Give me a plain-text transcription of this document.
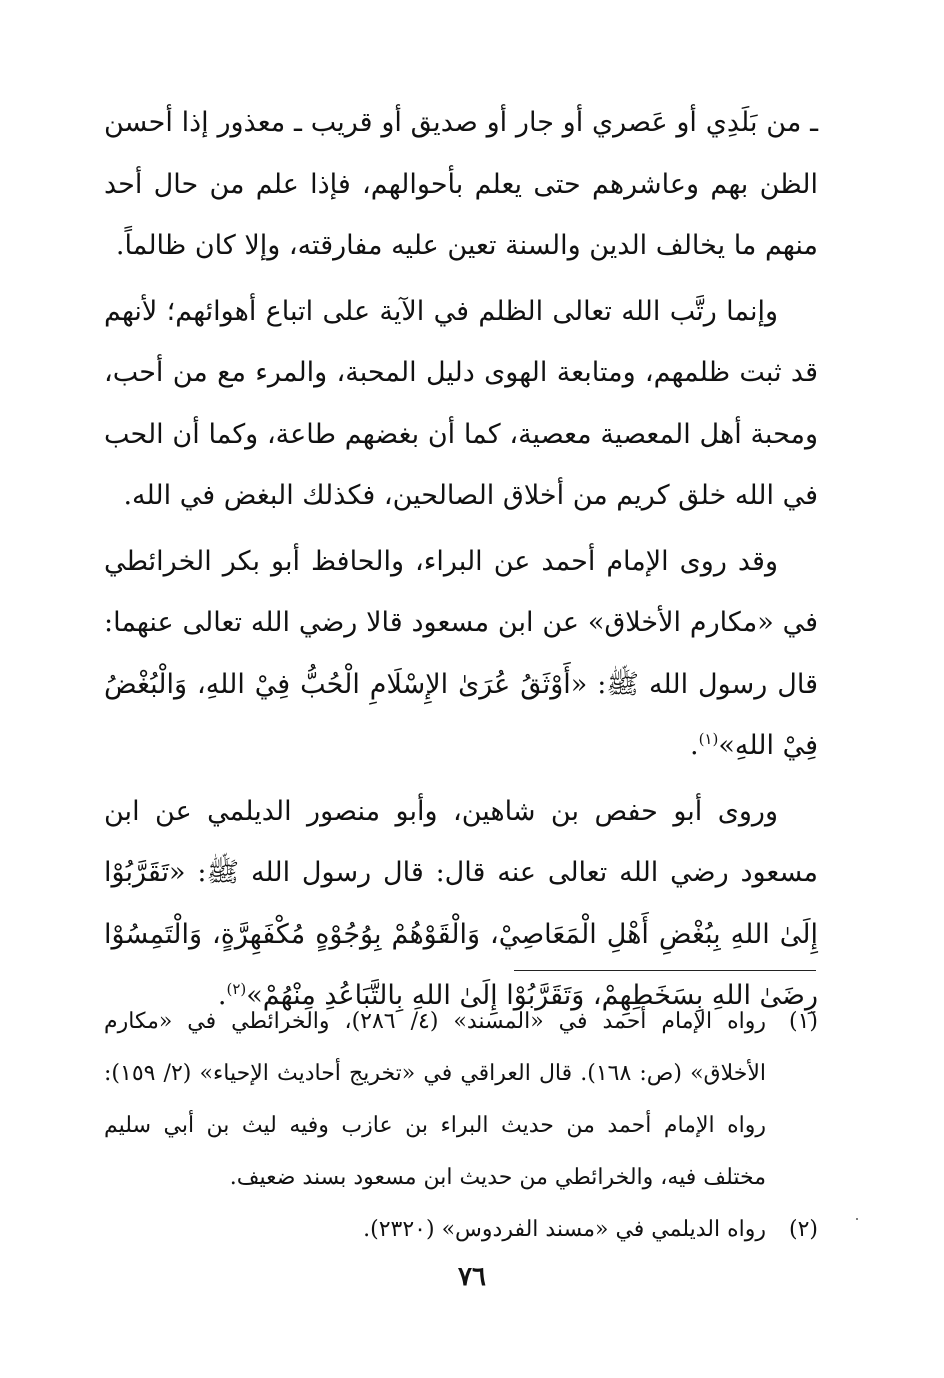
ـ من بَلَدِي أو عَصري أو جار أو صديق أو قريب ـ معذور إذا أحسن الظن بهم وعاشرهم حتى يعلم بأحوالهم، فإذا علم من حال أحد منهم ما يخالف الدين والسنة تعين عليه مفارقته، وإلا كان ظالماً.

وإنما رتَّب الله تعالى الظلم في الآية على اتباع أهوائهم؛ لأنهم قد ثبت ظلمهم، ومتابعة الهوى دليل المحبة، والمرء مع من أحب، ومحبة أهل المعصية معصية، كما أن بغضهم طاعة، وكما أن الحب في الله خلق كريم من أخلاق الصالحين، فكذلك البغض في الله.

وقد روى الإمام أحمد عن البراء، والحافظ أبو بكر الخرائطي في «مكارم الأخلاق» عن ابن مسعود قالا رضي الله تعالى عنهما: قال رسول الله ﷺ: «أَوْثَقُ عُرَىٰ الإِسْلَامِ الْحُبُّ فِيْ اللهِ، وَالْبُغْضُ فِيْ اللهِ»$^{(١)}$.

وروى أبو حفص بن شاهين، وأبو منصور الديلمي عن ابن مسعود رضي الله تعالى عنه قال: قال رسول الله ﷺ: «تَقَرَّبُوْا إِلَىٰ اللهِ بِبُغْضِ أَهْلِ الْمَعَاصِيْ، وَالْقَوْهُمْ بِوُجُوْهٍ مُكْفَهِرَّةٍ، وَالْتَمِسُوْا رِضَىٰ اللهِ بِسَخَطِهِمْ، وَتَقَرَّبُوْا إِلَىٰ اللهِ بِالتَّبَاعُدِ مِنْهُمْ»$^{(٢)}$.

(١)
رواه الإمام أحمد في «المسند» (٤/ ٢٨٦)، والخرائطي في «مكارم الأخلاق» (ص: ١٦٨). قال العراقي في «تخريج أحاديث الإحياء» (٢/ ١٥٩): رواه الإمام أحمد من حديث البراء بن عازب وفيه ليث بن أبي سليم مختلف فيه، والخرائطي من حديث ابن مسعود بسند ضعيف.
(٢)
رواه الديلمي في «مسند الفردوس» (٢٣٢٠).
٧٦
